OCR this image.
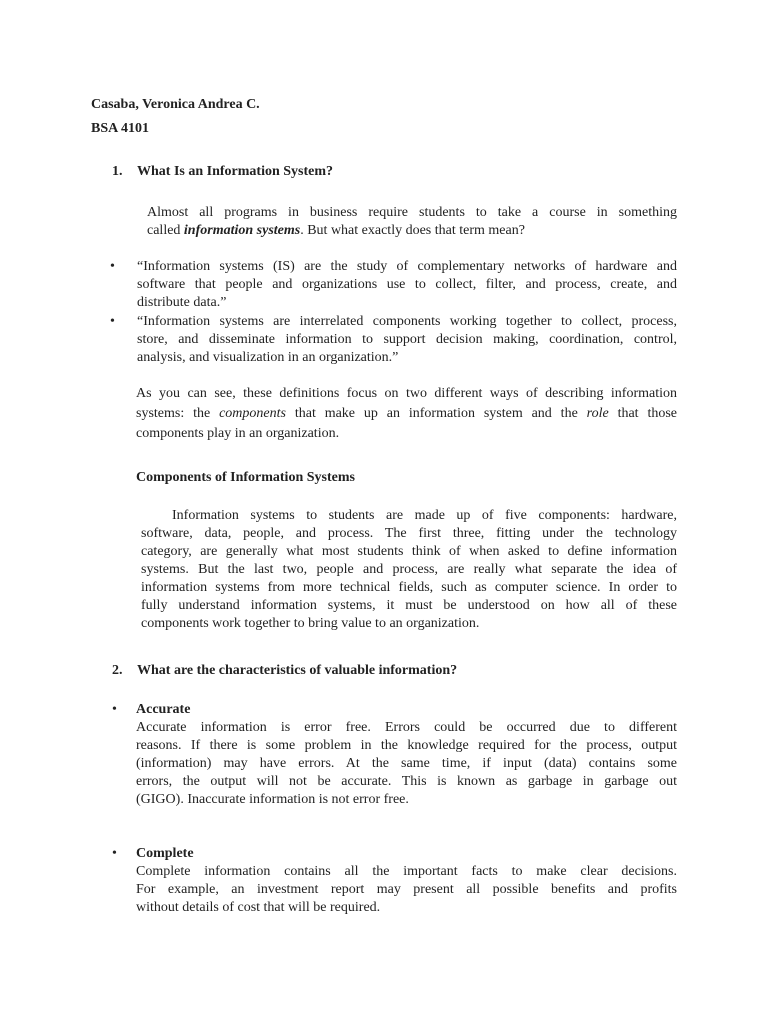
Casaba, Veronica Andrea C.
BSA 4101
1. What Is an Information System?
Almost all programs in business require students to take a course in something
called information systems. But what exactly does that term mean?
• “Information systems (IS) are the study of complementary networks of hardware and
software that people and organizations use to collect, filter, and process, create, and
distribute data.”
• “Information systems are interrelated components working together to collect, process,
store, and disseminate information to support decision making, coordination, control,
analysis, and visualization in an organization.”
As you can see, these definitions focus on two different ways of describing information
systems: the components that make up an information system and the role that those
components play in an organization.
Components of Information Systems
Information systems to students are made up of five components: hardware,
software, data, people, and process. The first three, fitting under the technology
category, are generally what most students think of when asked to define information
systems. But the last two, people and process, are really what separate the idea of
information systems from more technical fields, such as computer science. In order to
fully understand information systems, it must be understood on how all of these
components work together to bring value to an organization.
2. What are the characteristics of valuable information?
• Accurate
Accurate information is error free. Errors could be occurred due to different
reasons. If there is some problem in the knowledge required for the process, output
(information) may have errors. At the same time, if input (data) contains some
errors, the output will not be accurate. This is known as garbage in garbage out
(GIGO). Inaccurate information is not error free.
• Complete
Complete information contains all the important facts to make clear decisions.
For example, an investment report may present all possible benefits and profits
without details of cost that will be required.
